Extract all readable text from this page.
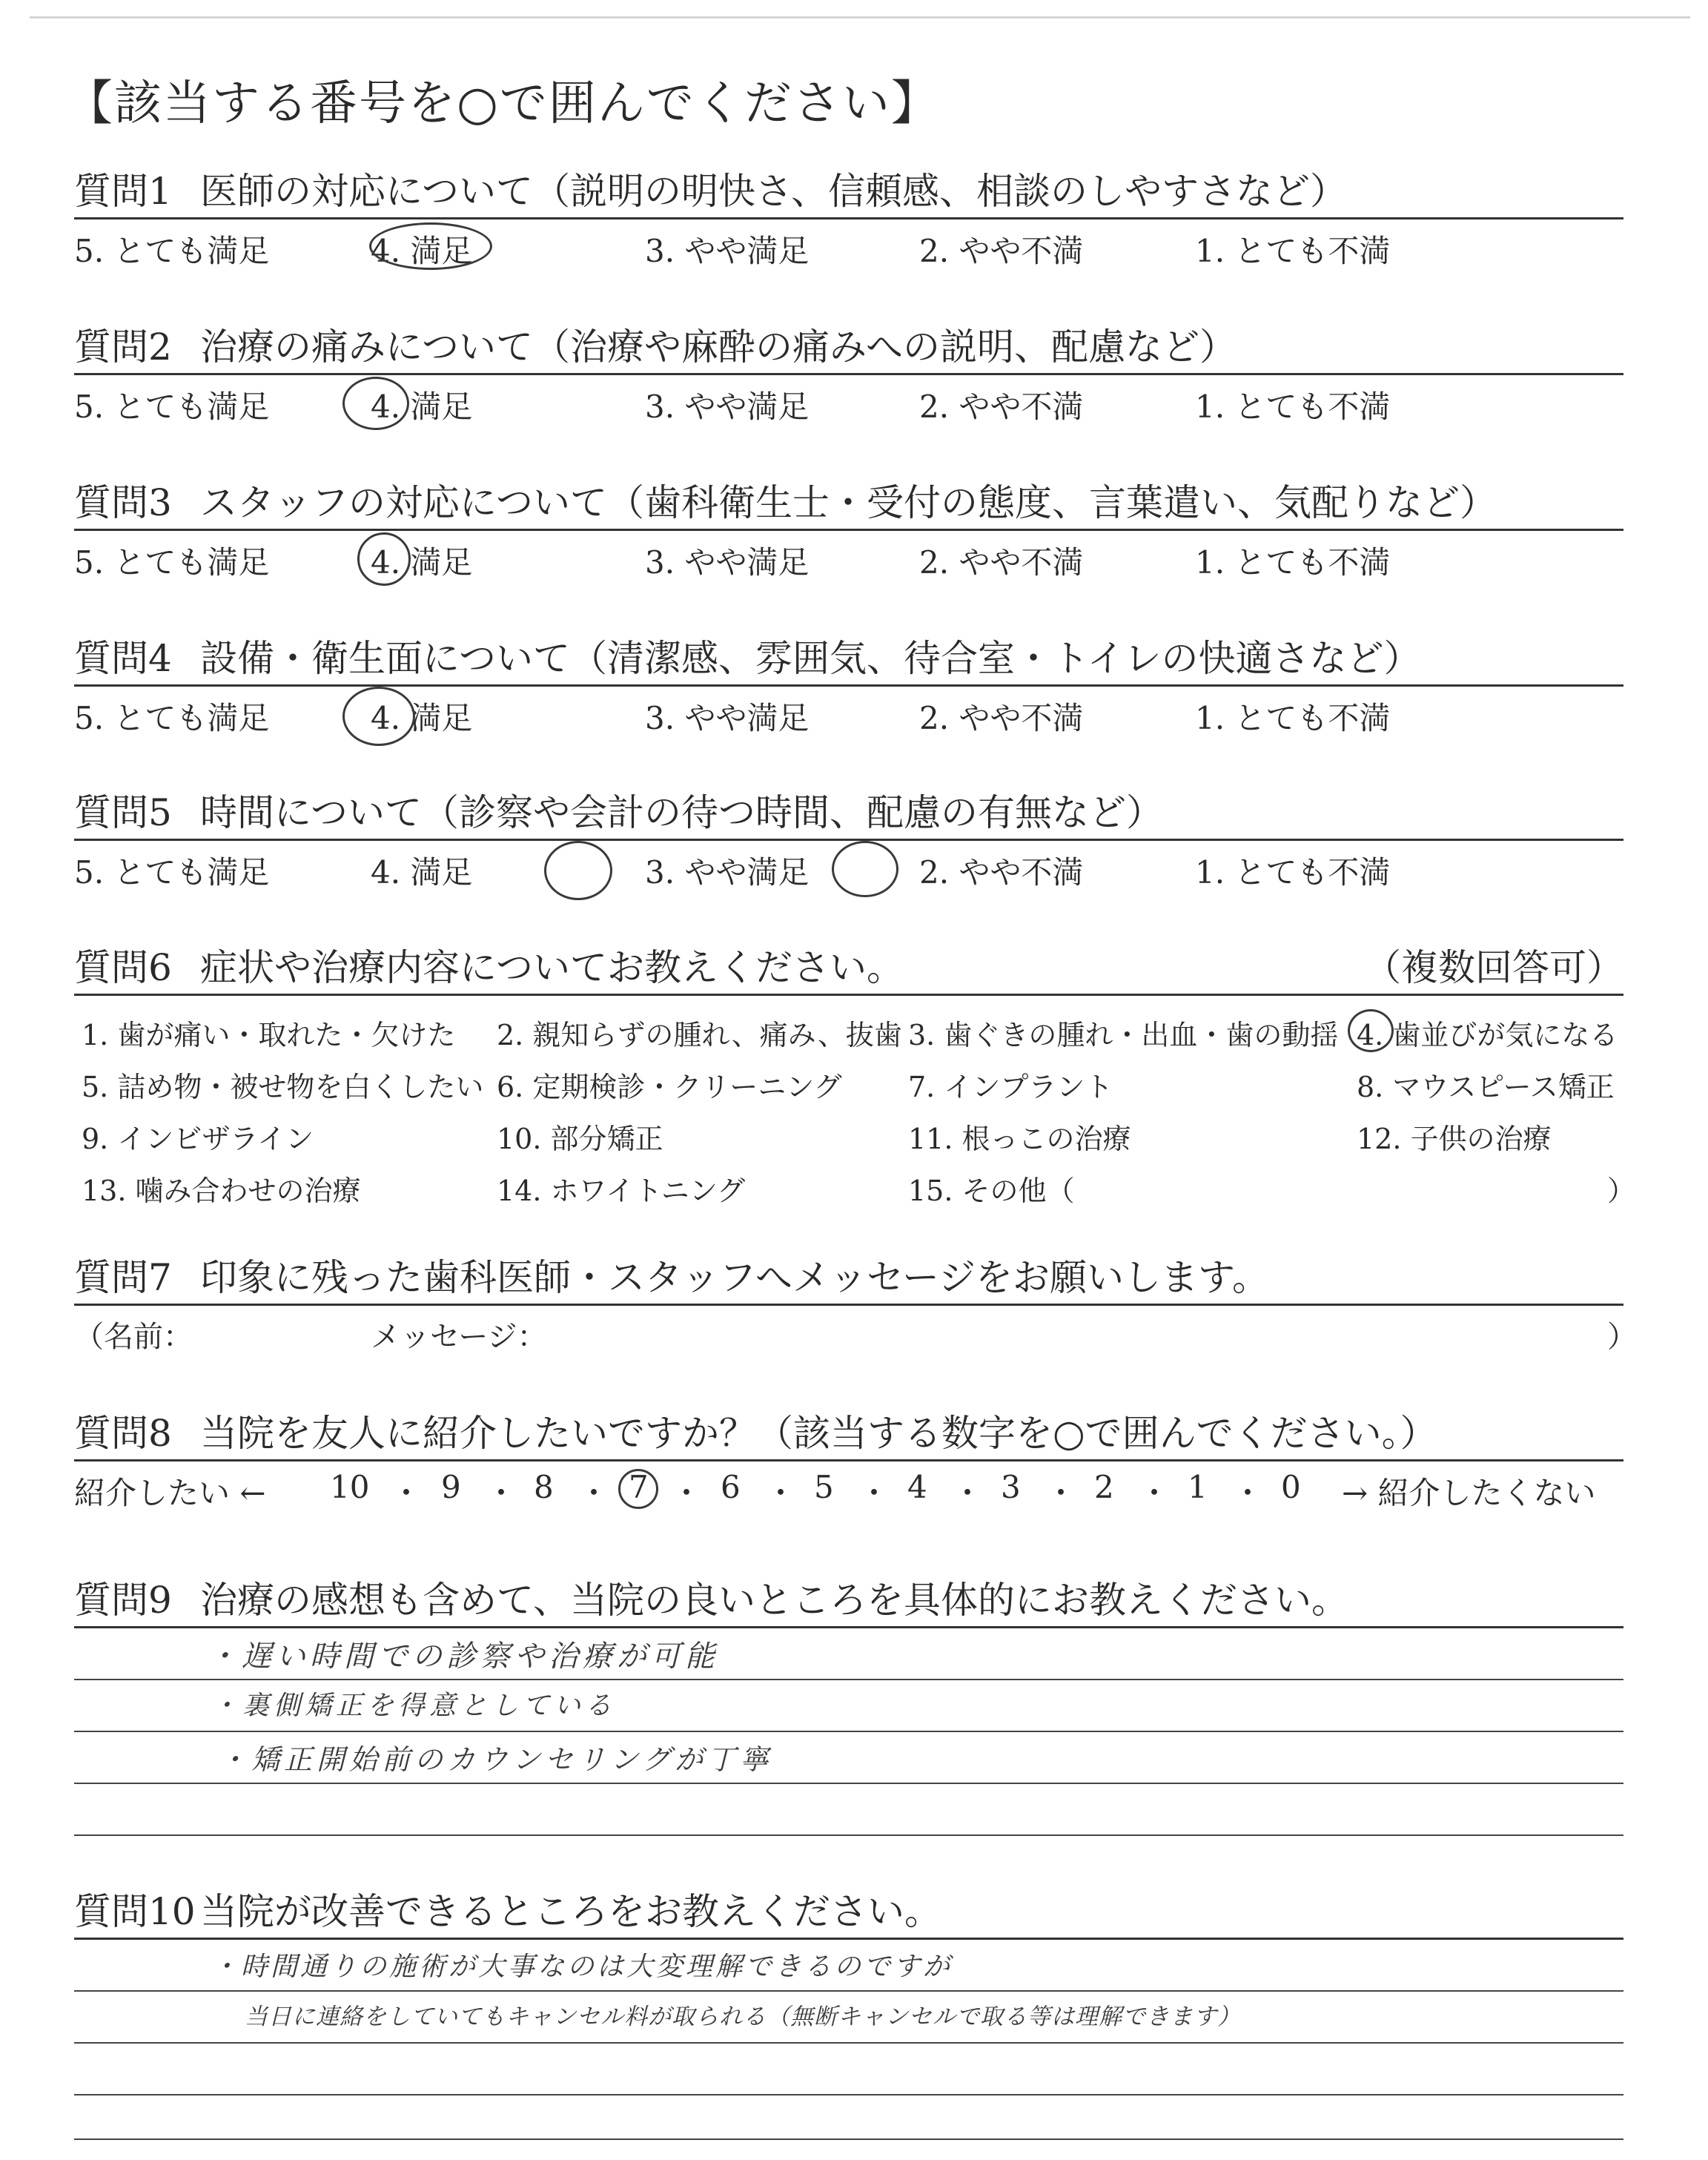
【該当する番号を○で囲んでください】
質問1 医師の対応について（説明の明快さ、信頼感、相談のしやすさなど）
5. とても満足	4. 満足	3. やや満足	2. やや不満	1. とても不満
質問2 治療の痛みについて（治療や麻酔の痛みへの説明、配慮など）
5. とても満足	4. 満足	3. やや満足	2. やや不満	1. とても不満
質問3 スタッフの対応について（歯科衛生士・受付の態度、言葉遣い、気配りなど）
5. とても満足	4. 満足	3. やや満足	2. やや不満	1. とても不満
質問4 設備・衛生面について（清潔感、雰囲気、待合室・トイレの快適さなど）
5. とても満足	4. 満足	3. やや満足	2. やや不満	1. とても不満
質問5 時間について（診察や会計の待つ時間、配慮の有無など）
5. とても満足	4. 満足	3. やや満足	2. やや不満	1. とても不満
質問6 症状や治療内容についてお教えください。	（複数回答可）
1. 歯が痛い・取れた・欠けた 2. 親知らずの腫れ、痛み、抜歯 3. 歯ぐきの腫れ・出血・歯の動揺 4. 歯並びが気になる
5. 詰め物・被せ物を白くしたい 6. 定期検診・クリーニング 7. インプラント	8. マウスピース矯正
9. インビザライン	10. 部分矯正	11. 根っこの治療	12. 子供の治療
13. 噛み合わせの治療	14. ホワイトニング	15. その他（	）
質問7 印象に残った歯科医師・スタッフへメッセージをお願いします。
（名前：	メッセージ：	）
質問8 当院を友人に紹介したいですか？（該当する数字を○で囲んでください。）
紹介したい ← 10 ・ 9 ・ 8 ・ 7 ・ 6 ・ 5 ・ 4 ・ 3 ・ 2 ・ 1 ・ 0 → 紹介したくない
質問9 治療の感想も含めて、当院の良いところを具体的にお教えください。
・遅い時間での診察や治療が可能
・裏側矯正を得意としている
・矯正開始前のカウンセリングが丁寧
質問10 当院が改善できるところをお教えください。
・時間通りの施術が大事なのは大変理解できるのですが
当日に連絡をしていてもキャンセル料が取られる（無断キャンセルで取る等は理解できます）
